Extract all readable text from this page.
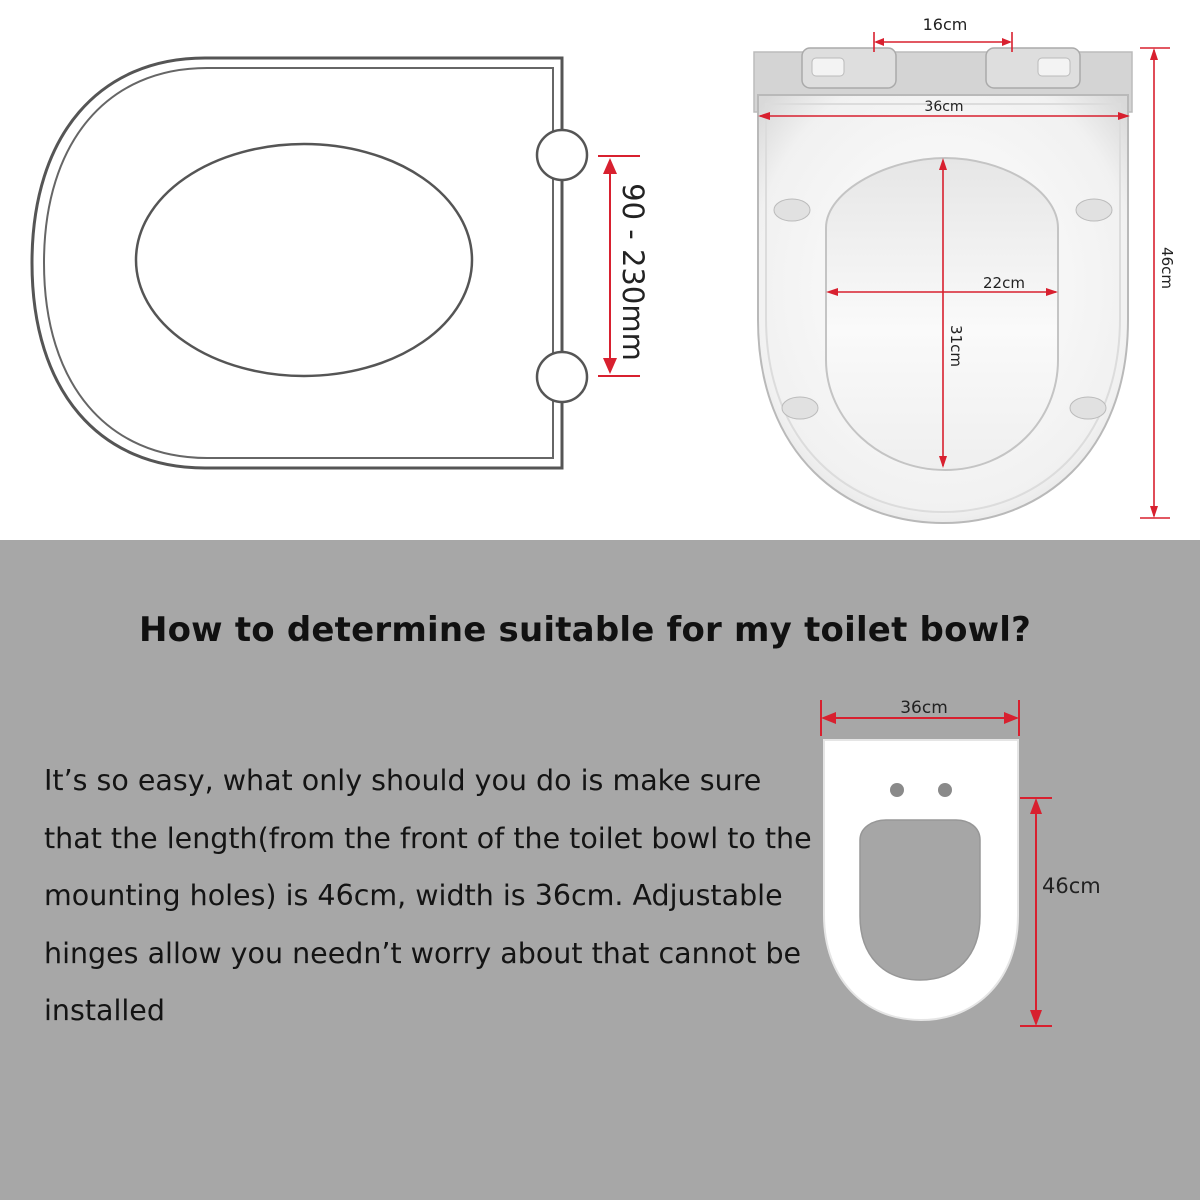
90 - 230mm
16cm
36cm
46cm
22cm
31cm
How to determine suitable for my toilet bowl?

It’s so easy, what only should you do is make sure that the length(from the front of the toilet bowl to the mounting holes) is 46cm, width is 36cm. Adjustable hinges allow you needn’t worry about that cannot be installed

36cm
46cm
